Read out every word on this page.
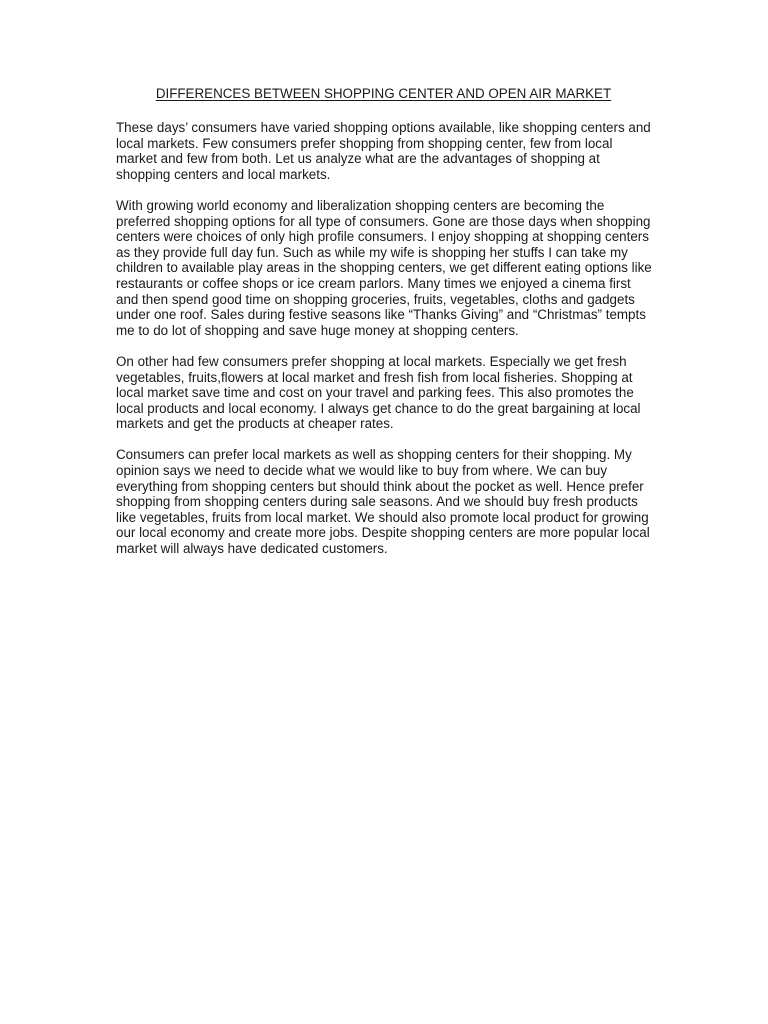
DIFFERENCES BETWEEN SHOPPING CENTER AND OPEN AIR MARKET

These days’ consumers have varied shopping options available, like shopping centers and local markets. Few consumers prefer shopping from shopping center, few from local market and few from both. Let us analyze what are the advantages of shopping at shopping centers and local markets.

With growing world economy and liberalization shopping centers are becoming the preferred shopping options for all type of consumers. Gone are those days when shopping centers were choices of only high profile consumers. I enjoy shopping at shopping centers as they provide full day fun. Such as while my wife is shopping her stuffs I can take my children to available play areas in the shopping centers, we get different eating options like restaurants or coffee shops or ice cream parlors. Many times we enjoyed a cinema first and then spend good time on shopping groceries, fruits, vegetables, cloths and gadgets under one roof. Sales during festive seasons like “Thanks Giving” and “Christmas” tempts me to do lot of shopping and save huge money at shopping centers.

On other had few consumers prefer shopping at local markets. Especially we get fresh vegetables, fruits,flowers at local market and fresh fish from local fisheries. Shopping at local market save time and cost on your travel and parking fees. This also promotes the local products and local economy. I always get chance to do the great bargaining at local markets and get the products at cheaper rates.

Consumers can prefer local markets as well as shopping centers for their shopping. My opinion says we need to decide what we would like to buy from where. We can buy everything from shopping centers but should think about the pocket as well. Hence prefer shopping from shopping centers during sale seasons. And we should buy fresh products like vegetables, fruits from local market. We should also promote local product for growing our local economy and create more jobs. Despite shopping centers are more popular local market will always have dedicated customers.
